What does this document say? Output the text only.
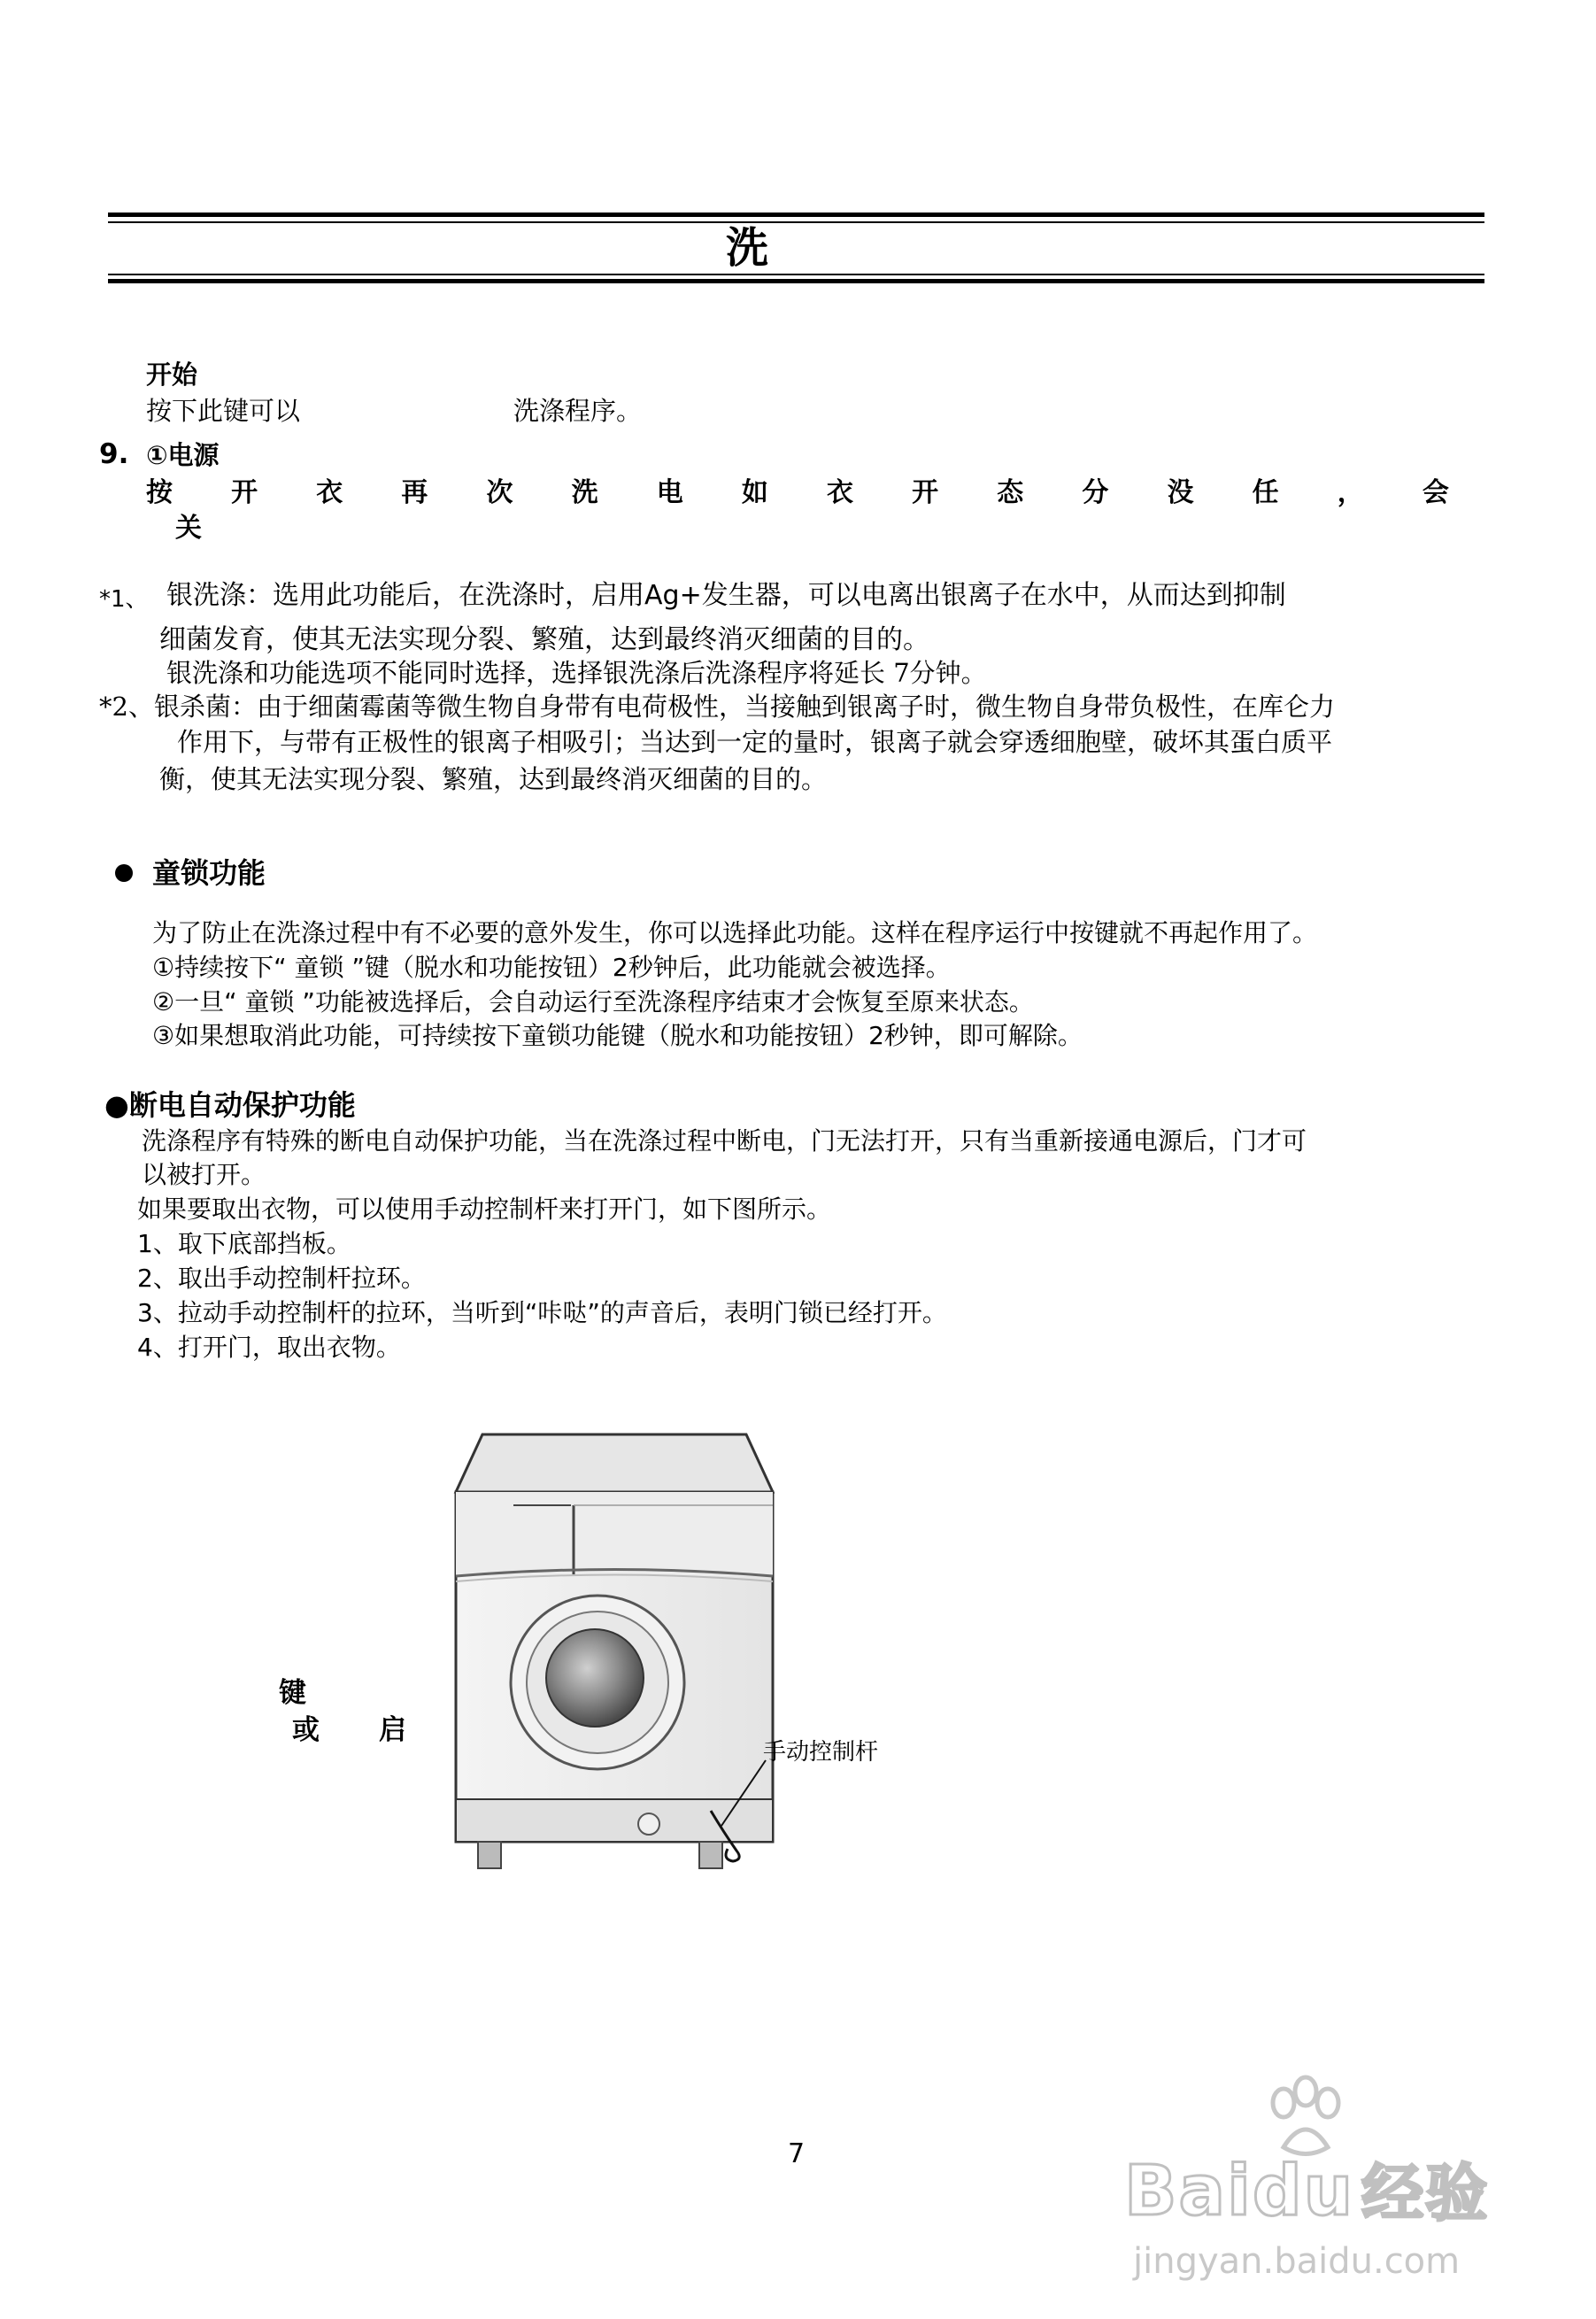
洗
开始
按下此键可以	洗涤程序。
9. ①电源
按 开 衣 再 次 洗 电 如 衣 开 态 分 没 任 ， 会
关
*1、 银洗涤：选用此功能后，在洗涤时，启用Ag+发生器，可以电离出银离子在水中，从而达到抑制
细菌发育，使其无法实现分裂、繁殖，达到最终消灭细菌的目的。
银洗涤和功能选项不能同时选择，选择银洗涤后洗涤程序将延长 7分钟。
*2、银杀菌：由于细菌霉菌等微生物自身带有电荷极性，当接触到银离子时，微生物自身带负极性，在库仑力
作用下，与带有正极性的银离子相吸引；当达到一定的量时，银离子就会穿透细胞壁，破坏其蛋白质平
衡，使其无法实现分裂、繁殖，达到最终消灭细菌的目的。
童锁功能
为了防止在洗涤过程中有不必要的意外发生，你可以选择此功能。这样在程序运行中按键就不再起作用了。
①持续按下“ 童锁 ”键（脱水和功能按钮）2秒钟后，此功能就会被选择。
②一旦“ 童锁 ”功能被选择后，会自动运行至洗涤程序结束才会恢复至原来状态。
③如果想取消此功能，可持续按下童锁功能键（脱水和功能按钮）2秒钟，即可解除。
●断电自动保护功能
洗涤程序有特殊的断电自动保护功能，当在洗涤过程中断电，门无法打开，只有当重新接通电源后，门才可
以被打开。
如果要取出衣物，可以使用手动控制杆来打开门，如下图所示。
1、取下底部挡板。
2、取出手动控制杆拉环。
3、拉动手动控制杆的拉环，当听到“咔哒”的声音后，表明门锁已经打开。
4、打开门，取出衣物。
键
或 启
手动控制杆
7	Baidu 经验
jingyan.baidu.com
